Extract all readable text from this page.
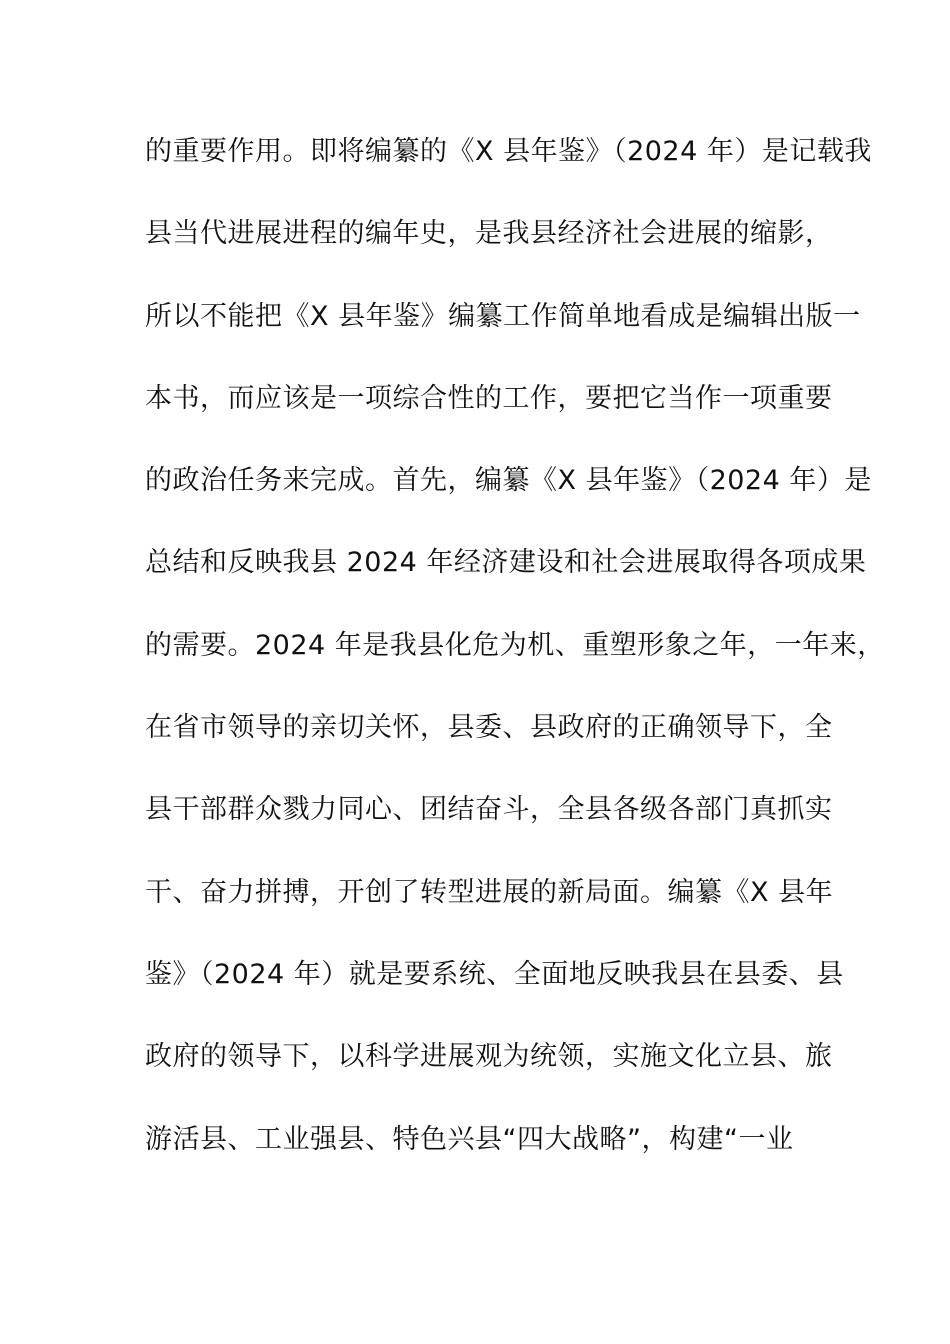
的重要作用。即将编纂的《X 县年鉴》（2024 年）是记载我
县当代进展进程的编年史，是我县经济社会进展的缩影，
所以不能把《X 县年鉴》编纂工作简单地看成是编辑出版一
本书，而应该是一项综合性的工作，要把它当作一项重要
的政治任务来完成。首先，编纂《X 县年鉴》（2024 年）是
总结和反映我县 2024 年经济建设和社会进展取得各项成果
的需要。2024 年是我县化危为机、重塑形象之年，一年来，
在省市领导的亲切关怀，县委、县政府的正确领导下，全
县干部群众戮力同心、团结奋斗，全县各级各部门真抓实
干、奋力拼搏，开创了转型进展的新局面。编纂《X 县年
鉴》（2024 年）就是要系统、全面地反映我县在县委、县
政府的领导下，以科学进展观为统领，实施文化立县、旅
游活县、工业强县、特色兴县“四大战略”，构建“一业
